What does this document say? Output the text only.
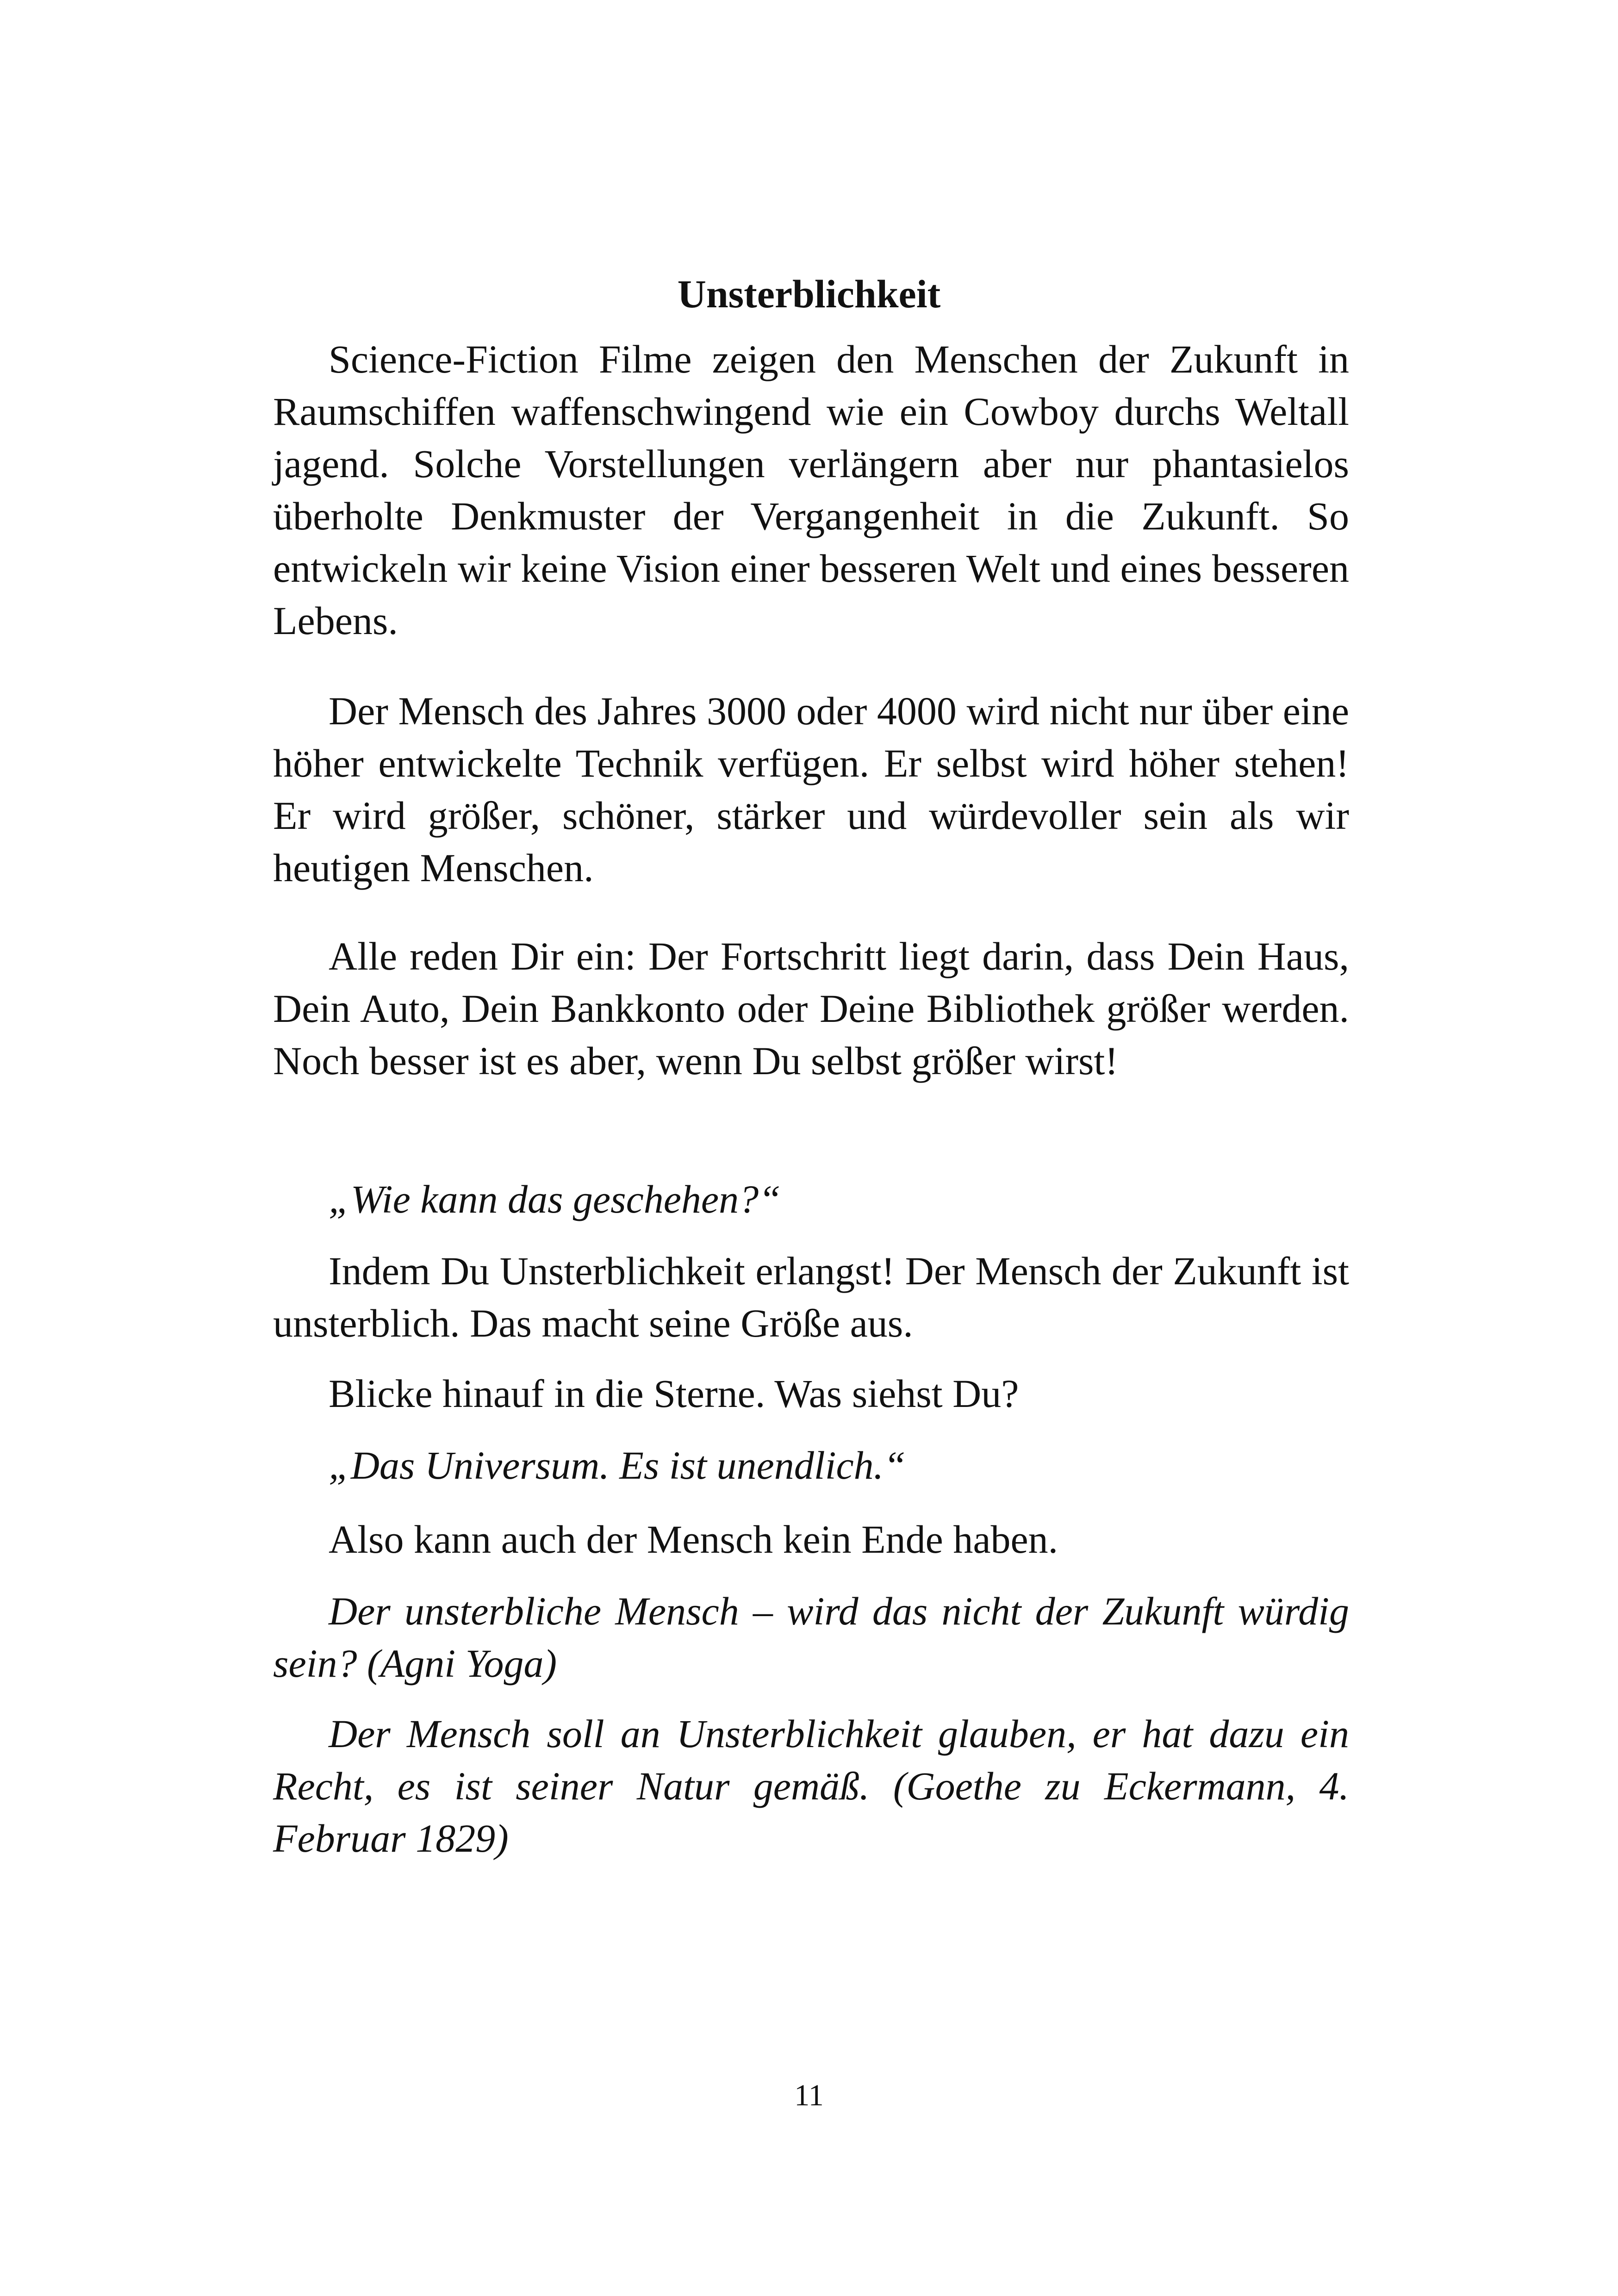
Unsterblichkeit

Science-Fiction Filme zeigen den Menschen der Zukunft in Raumschiffen waffenschwingend wie ein Cowboy durchs Weltall jagend. Solche Vorstellungen verlängern aber nur phantasielos überholte Denkmuster der Vergangenheit in die Zukunft. So entwickeln wir keine Vision einer besseren Welt und eines besseren Lebens.

Der Mensch des Jahres 3000 oder 4000 wird nicht nur über eine höher entwickelte Technik verfügen. Er selbst wird höher stehen! Er wird größer, schöner, stärker und würdevoller sein als wir heutigen Menschen.

Alle reden Dir ein: Der Fortschritt liegt darin, dass Dein Haus, Dein Auto, Dein Bankkonto oder Deine Bibliothek größer werden. Noch besser ist es aber, wenn Du selbst größer wirst!

„Wie kann das geschehen?“

Indem Du Unsterblichkeit erlangst! Der Mensch der Zukunft ist unsterblich. Das macht seine Größe aus.

Blicke hinauf in die Sterne. Was siehst Du?

„Das Universum. Es ist unendlich.“

Also kann auch der Mensch kein Ende haben.

Der unsterbliche Mensch – wird das nicht der Zukunft würdig sein? (Agni Yoga)

Der Mensch soll an Unsterblichkeit glauben, er hat dazu ein Recht, es ist seiner Natur gemäß. (Goethe zu Eckermann, 4. Februar 1829)

11
